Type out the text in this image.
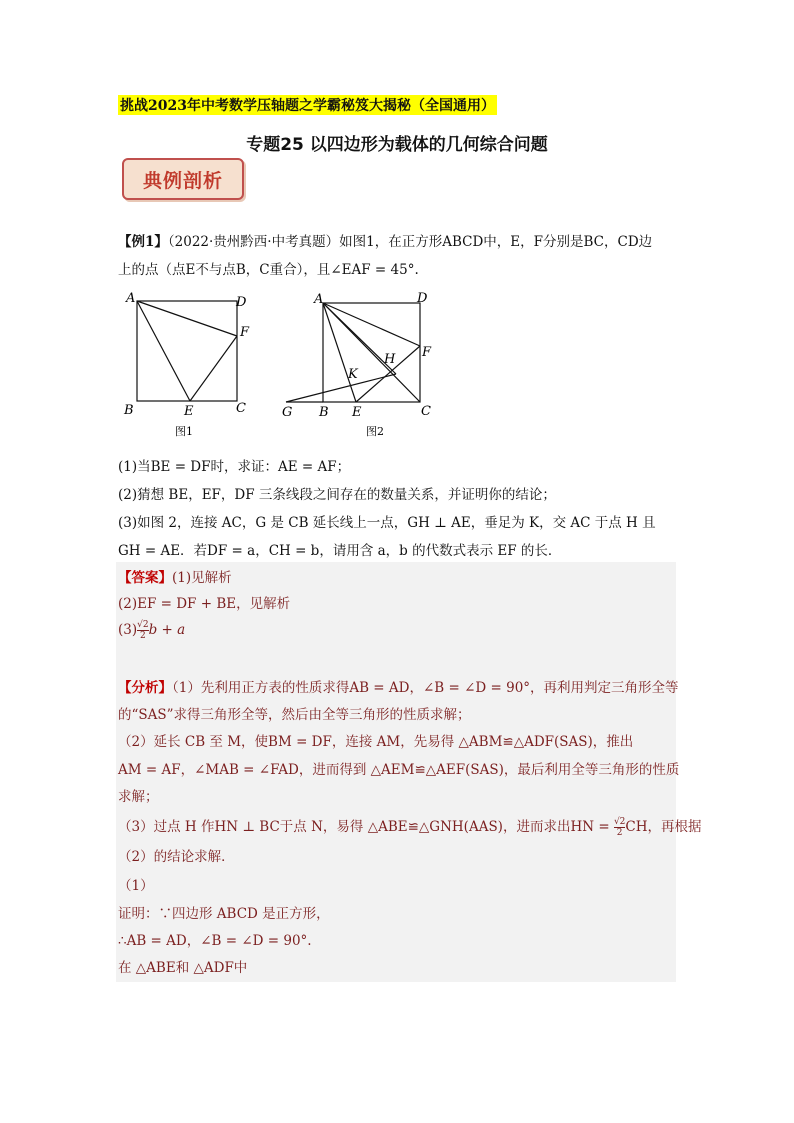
挑战2023年中考数学压轴题之学霸秘笈大揭秘（全国通用）
专题25 以四边形为载体的几何综合问题
典例剖析
【例1】（2022·贵州黔西·中考真题）如图1，在正方形ABCD中，E，F分别是BC，CD边
上的点（点E不与点B，C重合），且∠EAF = 45°.
A	D
F
B	E	C
图1
A	D
F
H
K
G B E	C
图2
(1)当BE = DF时，求证：AE = AF；
(2)猜想 BE，EF，DF 三条线段之间存在的数量关系，并证明你的结论；
(3)如图 2，连接 AC，G 是 CB 延长线上一点，GH ⊥ AE，垂足为 K，交 AC 于点 H 且
GH = AE．若DF = a，CH = b，请用含 a，b 的代数式表示 EF 的长．
【答案】(1)见解析
(2)EF = DF + BE，见解析
$(3) \frac{√2}{2}$ b + a
【分析】（1）先利用正方表的性质求得AB = AD，∠B = ∠D = 90°，再利用判定三角形全等
的“SAS”求得三角形全等，然后由全等三角形的性质求解；
（2）延长 CB 至 M，使BM = DF，连接 AM，先易得 △ABM≌△ADF(SAS)，推出
AM = AF，∠MAB = ∠FAD，进而得到 △AEM≌△AEF(SAS)，最后利用全等三角形的性质
求解；
（3）过点 H 作HN ⊥ BC于点 N，易得 △ABE≌△GNH(AAS)，进而求出HN = $\frac{√2}{2}$ CH，再根据
（2）的结论求解．
（1）
证明：∵四边形 ABCD 是正方形，
∴AB = AD，∠B = ∠D = 90°.
在 △ABE和 △ADF中
